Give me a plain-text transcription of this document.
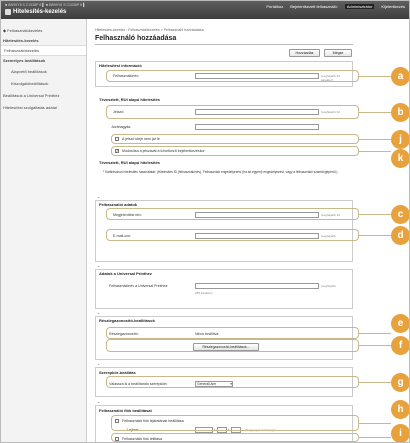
■ 8W99Y8 S C1038P 8 ▌ ■ 8W99Y8 S C1038P 8 ▌
Hitelesítés-kezelés
Portálhoz Bejelentkezett felhasználó:	Adminisztrátor	Kijelentkezés
◆ Felhasználókezelés
Hitelesítés-kezelés
Felhasználókezelés
Személyes beállítások
Alapvető beállítások
Kiszolgálóbeállítások
Beállítások a Universal Printhez
Hitelesítési szolgáltatás adatai
Hitelesítés-kezelés : Felhasználókezelés > Felhasználó hozzáadása
Felhasználó hozzáadása
Hozzáadás	Mégse
Hitelesítési információ
Felhasználónév:	(Legfeljebb 32 karakter)
Tévesztett, RUI alapú hitelesítés
Jelszó:	(Legfeljebb 32
Jóváhagyás:
A jelszó ideje nem jár le
✓ Módosítsa a jelszavát a következő bejelentkezéskor
Tévesztett, RUI alapú hitelesítés
* Kattintsonos hitelesítés használatát: (Hitelesítés ID (felhasználónév), Felhasználó engedélyezési (ha az egyéni) engedélyezést, vagy a felhasználói számítógépéről.)
⌄
Felhasználói adatok
Megjelenítési név:	(Legfeljebb 32
E-mail-cím:	(Legfeljebb
⌄
Adatok a Universal Printhez
Felhasználónév a Universal Printhez:	(Legfeljebb
256 karakter)
⌄
Részlegazonosító-beállítások
Részlegazonosító:	Nincs beállítva
Részlegazonosító-beállítások...
⌄
Szerepkör-beállítás
Válassza ki a beállítandó szerepkört:	GeneralUser	▾
⌄
Felhasználói fiók beállításai
Felhasználói fiók lejáratának beállítása
Lejárat:	/	/	(Négyjegyű év/kétjegyű
Felhasználói fiók letiltása
a
b
j
k
c
d
e
f
g
h
i
